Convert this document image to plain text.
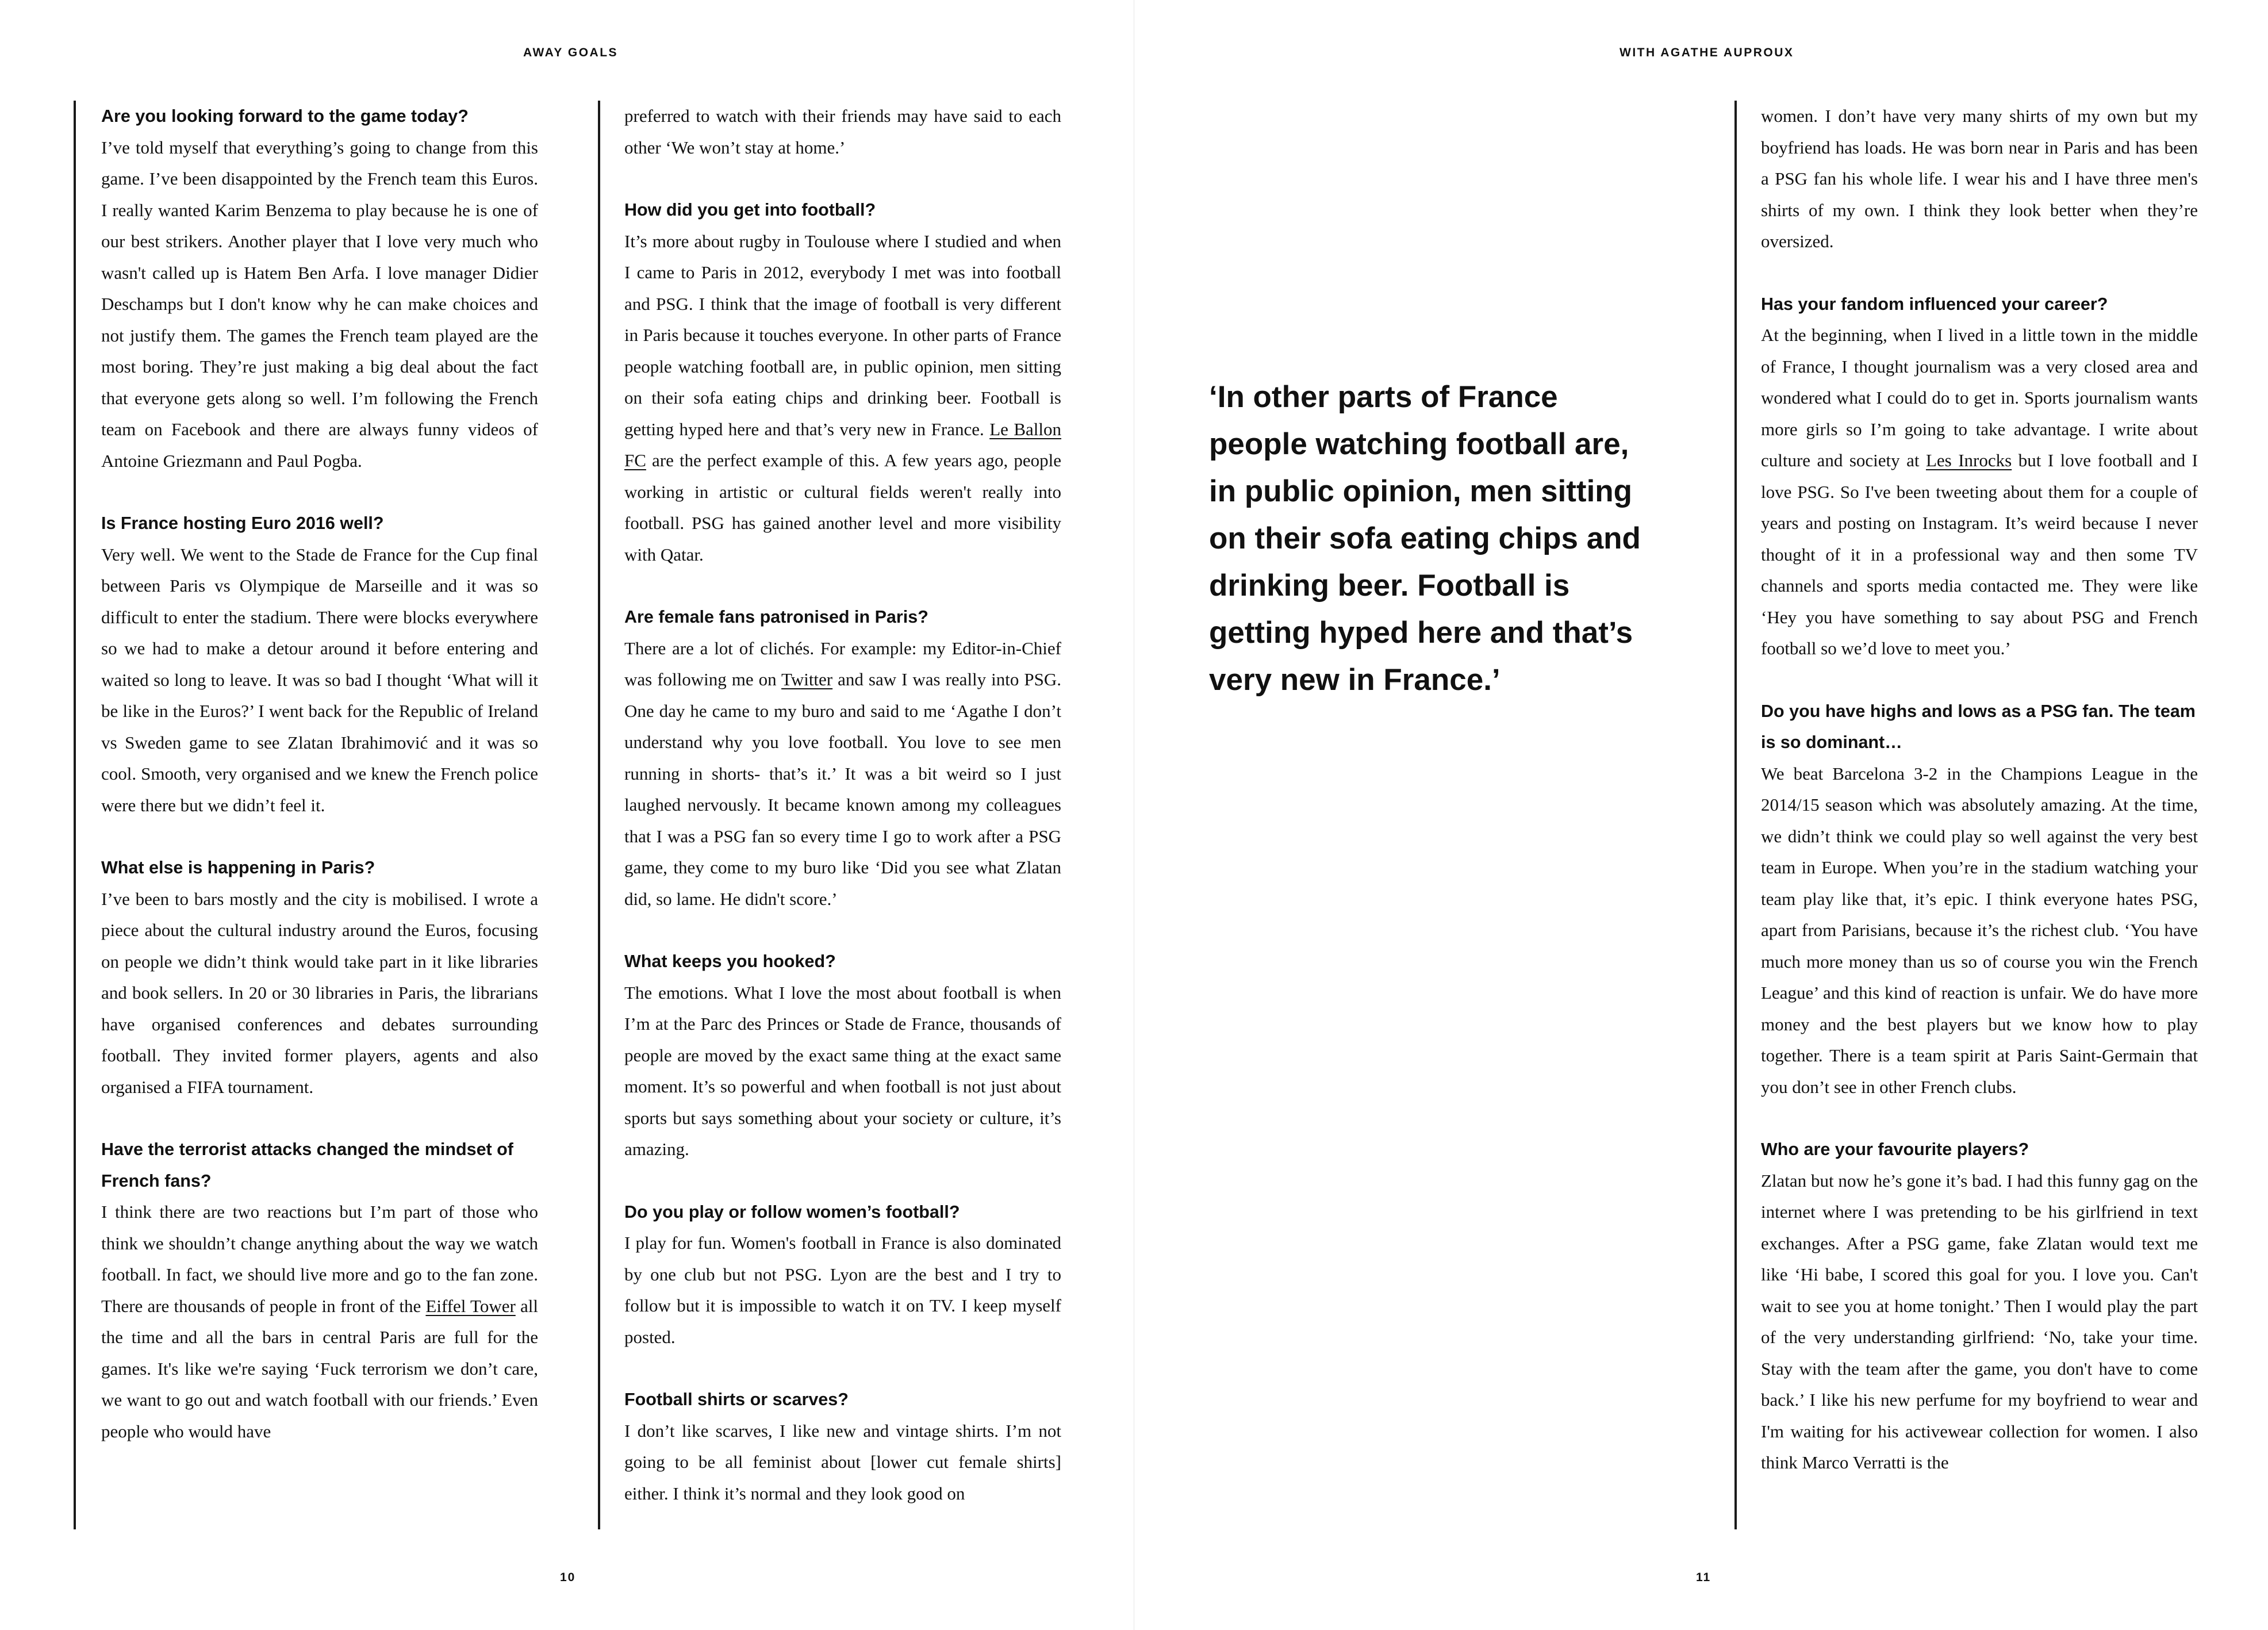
AWAY GOALS

Are you looking forward to the game today?

I’ve told myself that everything’s going to change from this game. I’ve been disappointed by the French team this Euros. I really wanted Karim Benzema to play because he is one of our best strikers. Another player that I love very much who wasn't called up is Hatem Ben Arfa. I love manager Didier Deschamps but I don't know why he can make choices and not justify them. The games the French team played are the most boring. They’re just making a big deal about the fact that everyone gets along so well. I’m following the French team on Facebook and there are always funny videos of Antoine Griezmann and Paul Pogba.

Is France hosting Euro 2016 well?

Very well. We went to the Stade de France for the Cup final between Paris vs Olympique de Marseille and it was so difficult to enter the stadium. There were blocks everywhere so we had to make a detour around it before entering and waited so long to leave. It was so bad I thought ‘What will it be like in the Euros?’ I went back for the Republic of Ireland vs Sweden game to see Zlatan Ibrahimović and it was so cool. Smooth, very organised and we knew the French police were there but we didn’t feel it.

What else is happening in Paris?

I’ve been to bars mostly and the city is mobilised. I wrote a piece about the cultural industry around the Euros, focusing on people we didn’t think would take part in it like libraries and book sellers. In 20 or 30 libraries in Paris, the librarians have organised conferences and debates surrounding football. They invited former players, agents and also organised a FIFA tournament.

Have the terrorist attacks changed the mindset of French fans?

I think there are two reactions but I’m part of those who think we shouldn’t change anything about the way we watch football. In fact, we should live more and go to the fan zone. There are thousands of people in front of the Eiffel Tower all the time and all the bars in central Paris are full for the games. It's like we're saying ‘Fuck terrorism we don’t care, we want to go out and watch football with our friends.’ Even people who would have

preferred to watch with their friends may have said to each other ‘We won’t stay at home.’

How did you get into football?

It’s more about rugby in Toulouse where I studied and when I came to Paris in 2012, everybody I met was into football and PSG. I think that the image of football is very different in Paris because it touches everyone. In other parts of France people watching football are, in public opinion, men sitting on their sofa eating chips and drinking beer. Football is getting hyped here and that’s very new in France. Le Ballon FC are the perfect example of this. A few years ago, people working in artistic or cultural fields weren't really into football. PSG has gained another level and more visibility with Qatar.

Are female fans patronised in Paris?

There are a lot of clichés. For example: my Editor-in-Chief was following me on Twitter and saw I was really into PSG. One day he came to my buro and said to me ‘Agathe I don’t understand why you love football. You love to see men running in shorts- that’s it.’ It was a bit weird so I just laughed nervously. It became known among my colleagues that I was a PSG fan so every time I go to work after a PSG game, they come to my buro like ‘Did you see what Zlatan did, so lame. He didn't score.’

What keeps you hooked?

The emotions. What I love the most about football is when I’m at the Parc des Princes or Stade de France, thousands of people are moved by the exact same thing at the exact same moment. It’s so powerful and when football is not just about sports but says something about your society or culture, it’s amazing.

Do you play or follow women’s football?

I play for fun. Women's football in France is also dominated by one club but not PSG. Lyon are the best and I try to follow but it is impossible to watch it on TV. I keep myself posted.

Football shirts or scarves?

I don’t like scarves, I like new and vintage shirts. I’m not going to be all feminist about [lower cut female shirts] either. I think it’s normal and they look good on

10
WITH AGATHE AUPROUX
11

‘In other parts of France people watching football are, in public opinion, men sitting on their sofa eating chips and drinking beer. Football is getting hyped here and that’s very new in France.’

women. I don’t have very many shirts of my own but my boyfriend has loads. He was born near in Paris and has been a PSG fan his whole life. I wear his and I have three men's shirts of my own. I think they look better when they’re oversized.

Has your fandom influenced your career?

At the beginning, when I lived in a little town in the middle of France, I thought journalism was a very closed area and wondered what I could do to get in. Sports journalism wants more girls so I’m going to take advantage. I write about culture and society at Les Inrocks but I love football and I love PSG. So I've been tweeting about them for a couple of years and posting on Instagram. It’s weird because I never thought of it in a professional way and then some TV channels and sports media contacted me. They were like ‘Hey you have something to say about PSG and French football so we’d love to meet you.’

Do you have highs and lows as a PSG fan. The team is so dominant…

We beat Barcelona 3-2 in the Champions League in the 2014/15 season which was absolutely amazing. At the time, we didn’t think we could play so well against the very best team in Europe. When you’re in the stadium watching your team play like that, it’s epic. I think everyone hates PSG, apart from Parisians, because it’s the richest club. ‘You have much more money than us so of course you win the French League’ and this kind of reaction is unfair. We do have more money and the best players but we know how to play together. There is a team spirit at Paris Saint-Germain that you don’t see in other French clubs.

Who are your favourite players?

Zlatan but now he’s gone it’s bad. I had this funny gag on the internet where I was pretending to be his girlfriend in text exchanges. After a PSG game, fake Zlatan would text me like ‘Hi babe, I scored this goal for you. I love you. Can't wait to see you at home tonight.’ Then I would play the part of the very understanding girlfriend: ‘No, take your time. Stay with the team after the game, you don't have to come back.’ I like his new perfume for my boyfriend to wear and I'm waiting for his activewear collection for women. I also think Marco Verratti is the
